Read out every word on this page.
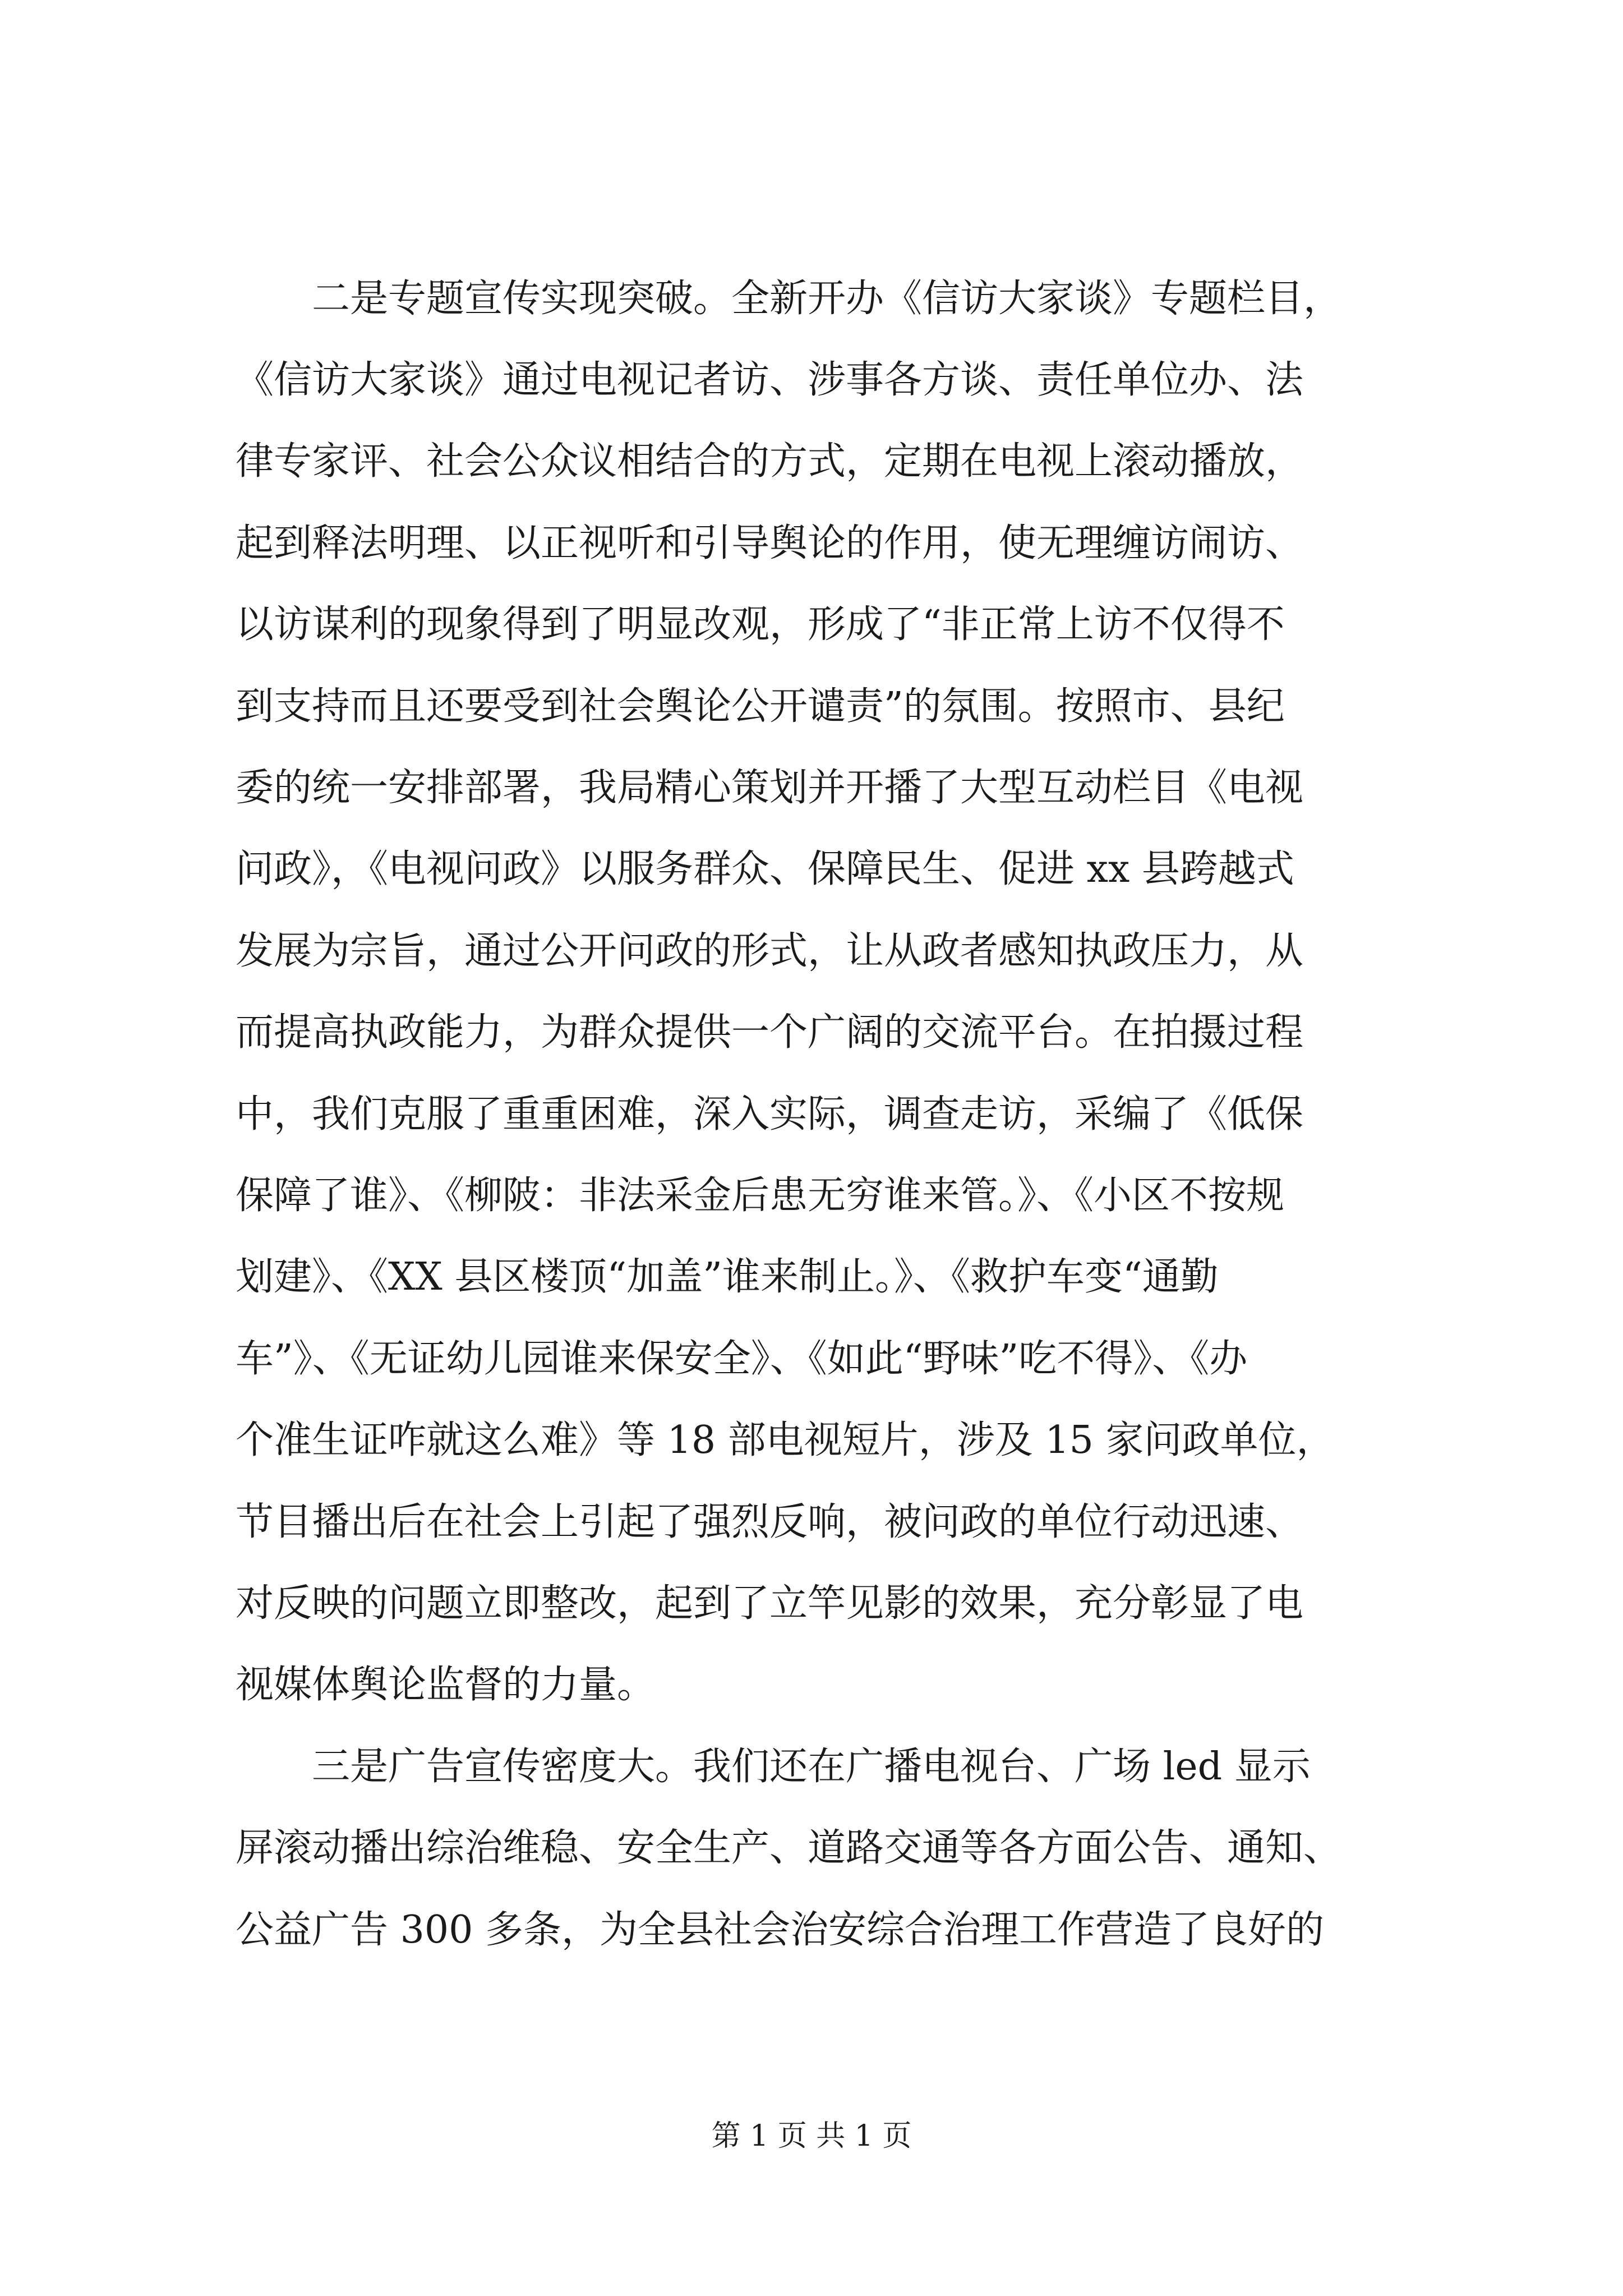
二是专题宣传实现突破。全新开办《信访大家谈》专题栏目，
《信访大家谈》通过电视记者访、涉事各方谈、责任单位办、法
律专家评、社会公众议相结合的方式，定期在电视上滚动播放，
起到释法明理、以正视听和引导舆论的作用，使无理缠访闹访、
以访谋利的现象得到了明显改观，形成了“非正常上访不仅得不
到支持而且还要受到社会舆论公开谴责”的氛围。按照市、县纪
委的统一安排部署，我局精心策划并开播了大型互动栏目《电视
问政》，《电视问政》以服务群众、保障民生、促进 xx 县跨越式
发展为宗旨，通过公开问政的形式，让从政者感知执政压力，从
而提高执政能力，为群众提供一个广阔的交流平台。在拍摄过程
中，我们克服了重重困难，深入实际，调查走访，采编了《低保
保障了谁》、《柳陂：非法采金后患无穷谁来管。》、《小区不按规
划建》、《XX 县区楼顶“加盖”谁来制止。》、《救护车变“通勤
车”》、《无证幼儿园谁来保安全》、《如此“野味”吃不得》、《办
个准生证咋就这么难》等 18 部电视短片，涉及 15 家问政单位，
节目播出后在社会上引起了强烈反响，被问政的单位行动迅速、
对反映的问题立即整改，起到了立竿见影的效果，充分彰显了电
视媒体舆论监督的力量。
三是广告宣传密度大。我们还在广播电视台、广场 led 显示
屏滚动播出综治维稳、安全生产、道路交通等各方面公告、通知、
公益广告 300 多条，为全县社会治安综合治理工作营造了良好的
第 1 页 共 1 页
